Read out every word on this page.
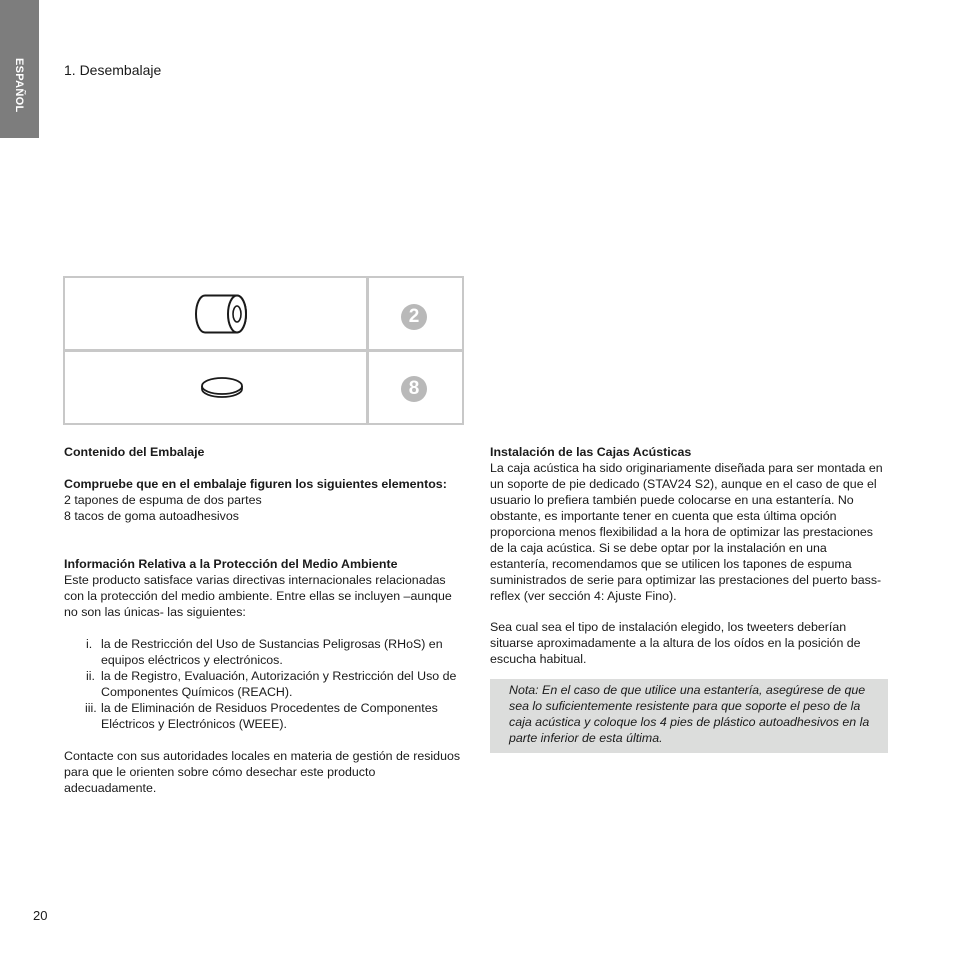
ESPAÑOL	1. Desembalaje
2
8

Contenido del Embalaje

Compruebe que en el embalaje figuren los siguientes elementos:

2 tapones de espuma de dos partes

8 tacos de goma autoadhesivos

Información Relativa a la Protección del Medio Ambiente

Este producto satisface varias directivas internacionales relacionadas con la protección del medio ambiente. Entre ellas se incluyen –aunque no son las únicas- las siguientes:

i. la de Restricción del Uso de Sustancias Peligrosas (RHoS) en equipos eléctricos y electrónicos.
ii. la de Registro, Evaluación, Autorización y Restricción del Uso de Componentes Químicos (REACH).
iii. la de Eliminación de Residuos Procedentes de Componentes Eléctricos y Electrónicos (WEEE).

Contacte con sus autoridades locales en materia de gestión de residuos para que le orienten sobre cómo desechar este producto adecuadamente.

Instalación de las Cajas Acústicas

La caja acústica ha sido originariamente diseñada para ser montada en un soporte de pie dedicado (STAV24 S2), aunque en el caso de que el usuario lo prefiera también puede colocarse en una estantería. No obstante, es importante tener en cuenta que esta última opción proporciona menos flexibilidad a la hora de optimizar las prestaciones de la caja acústica. Si se debe optar por la instalación en una estantería, recomendamos que se utilicen los tapones de espuma suministrados de serie para optimizar las prestaciones del puerto bass-reflex (ver sección 4: Ajuste Fino).

Sea cual sea el tipo de instalación elegido, los tweeters deberían situarse aproximadamente a la altura de los oídos en la posición de escucha habitual.

Nota: En el caso de que utilice una estantería, asegúrese de que sea lo suficientemente resistente para que soporte el peso de la caja acústica y coloque los 4 pies de plástico autoadhesivos en la parte inferior de esta última.
20
